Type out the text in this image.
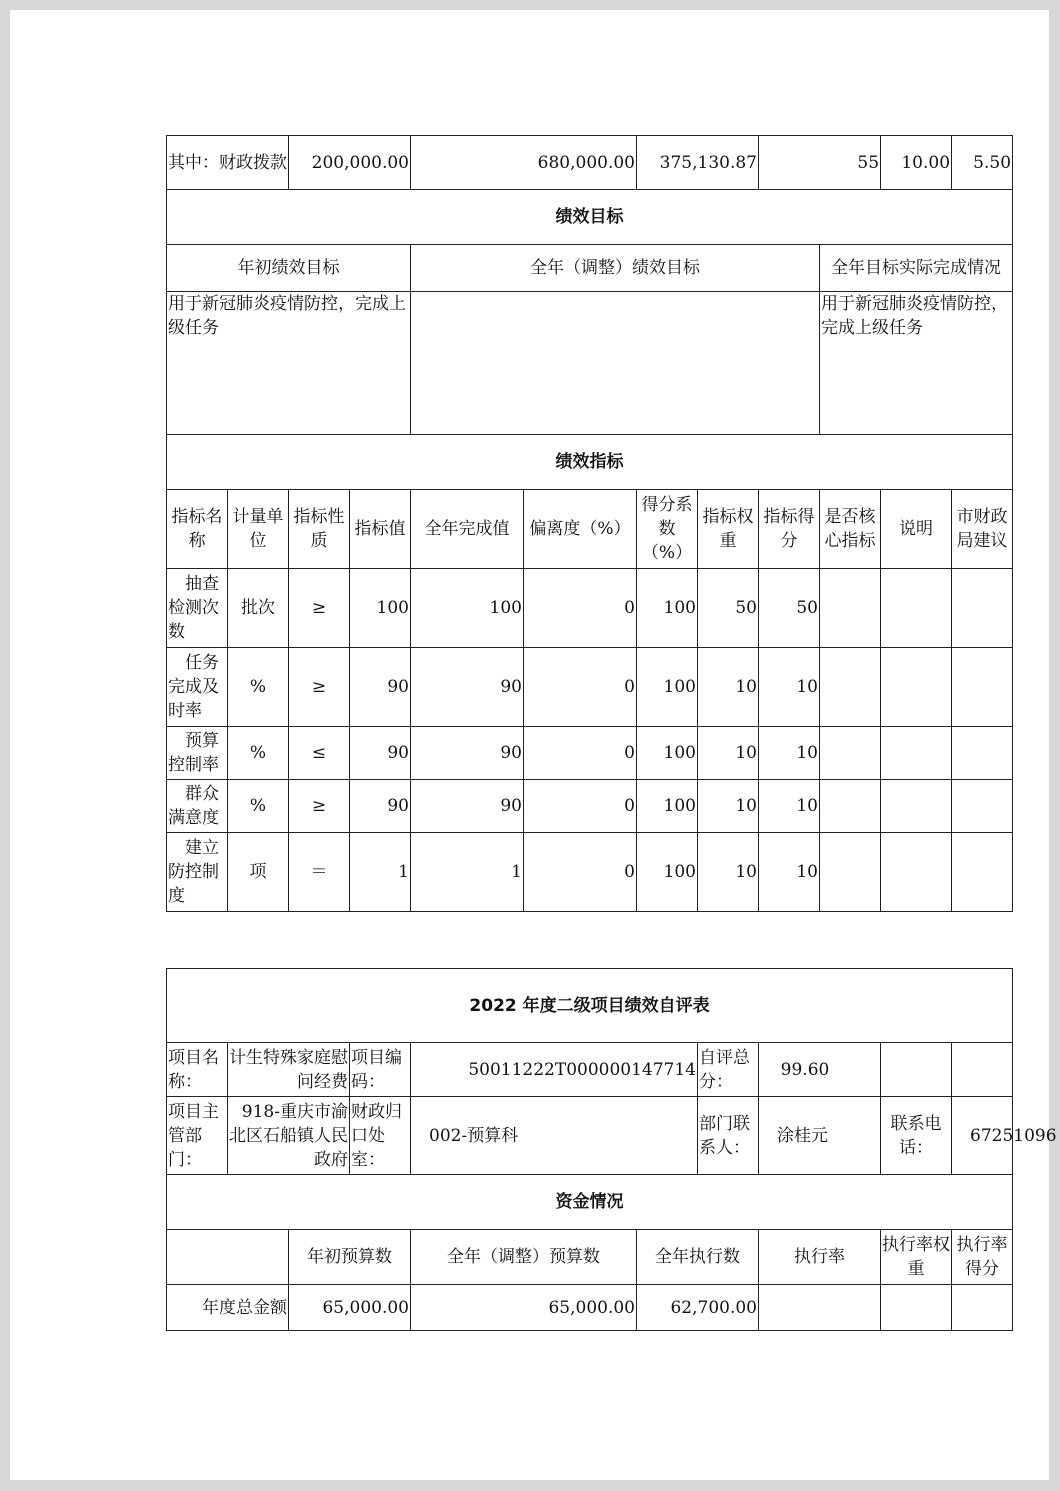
其中：财政拨款		200,000.00		680,000.00		375,130.87		55		10.00	5.50
绩效目标											
年初绩效目标				全年（调整）绩效目标					全年目标实际完成情况		
用于新冠肺炎疫情防控，完成上级任务									用于新冠肺炎疫情防控，完成上级任务		
绩效指标											
指标名称	计量单位	指标性质	指标值	全年完成值	偏离度（%）	得分系数（%）	指标权重	指标得分	是否核心指标	说明	市财政局建议
抽查检测次数	批次	≥	100	100	0	100	50	50			
任务完成及时率	%	≥	90	90	0	100	10	10			
预算控制率	%	≤	90	90	0	100	10	10			
群众满意度	%	≥	90	90	0	100	10	10			
建立防控制度	项	＝	1	1	0	100	10	10			
2022 年度二级项目绩效自评表									
项目名称：	计生特殊家庭慰问经费		项目编码：	50011222T000000147714		自评总分：	99.60		
项目主管部门：	918-重庆市渝北区石船镇人民政府		财政归口处室：	002-预算科		部门联系人：	涂桂元	联系电话：	67251096
资金情况									
		年初预算数		全年（调整）预算数	全年执行数		执行率	执行率权重	执行率得分
年度总金额		65,000.00		65,000.00	62,700.00				
